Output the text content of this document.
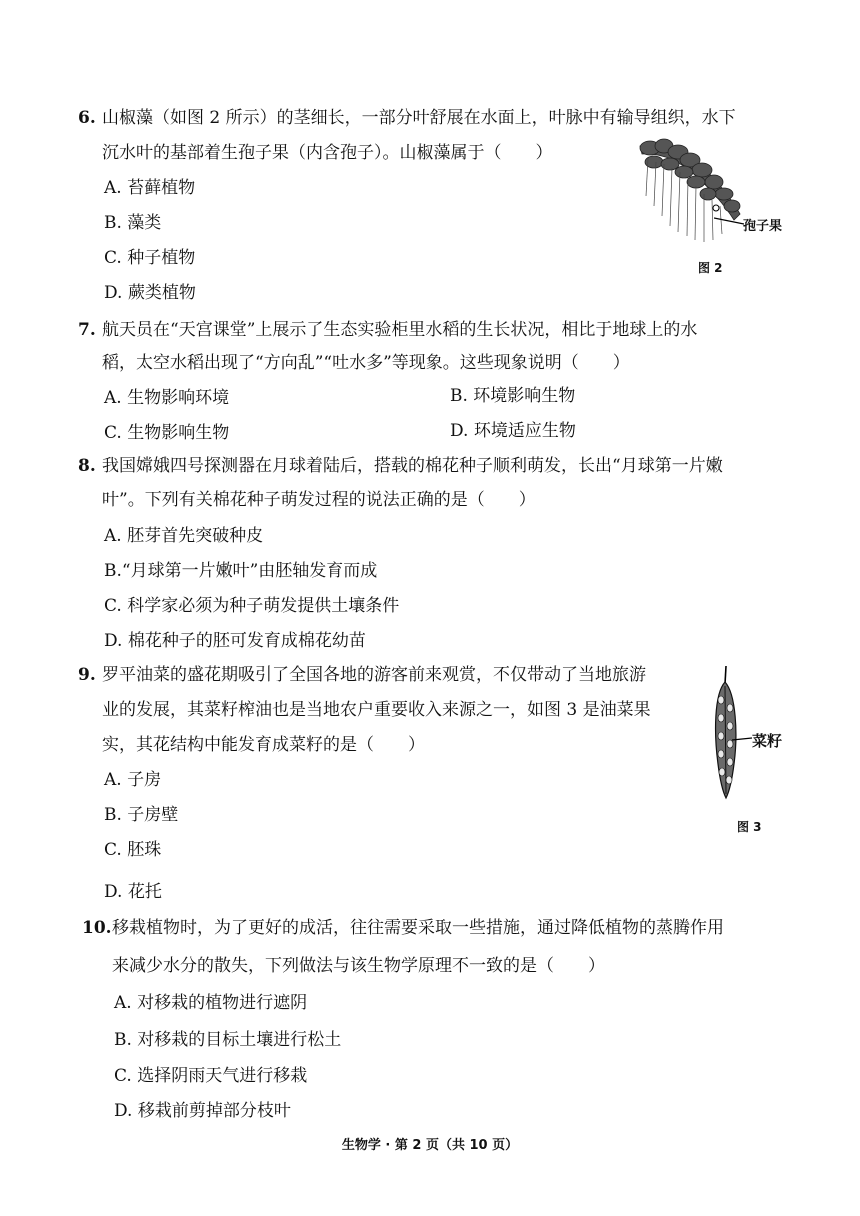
6. 山椒藻（如图 2 所示）的茎细长，一部分叶舒展在水面上，叶脉中有输导组织，水下
沉水叶的基部着生孢子果（内含孢子）。山椒藻属于（　　）
A. 苔藓植物
B. 藻类
C. 种子植物
D. 蕨类植物
孢子果
图 2
7. 航天员在“天宫课堂”上展示了生态实验柜里水稻的生长状况，相比于地球上的水
稻，太空水稻出现了“方向乱”“吐水多”等现象。这些现象说明（　　）
A. 生物影响环境	B. 环境影响生物
C. 生物影响生物	D. 环境适应生物
8. 我国嫦娥四号探测器在月球着陆后，搭载的棉花种子顺利萌发，长出“月球第一片嫩
叶”。下列有关棉花种子萌发过程的说法正确的是（　　）
A. 胚芽首先突破种皮
B.“月球第一片嫩叶”由胚轴发育而成
C. 科学家必须为种子萌发提供土壤条件
D. 棉花种子的胚可发育成棉花幼苗
9. 罗平油菜的盛花期吸引了全国各地的游客前来观赏，不仅带动了当地旅游
业的发展，其菜籽榨油也是当地农户重要收入来源之一，如图 3 是油菜果
实，其花结构中能发育成菜籽的是（　　）
A. 子房
B. 子房壁
C. 胚珠
D. 花托
菜籽
图 3
10. 移栽植物时，为了更好的成活，往往需要采取一些措施，通过降低植物的蒸腾作用
来减少水分的散失，下列做法与该生物学原理不一致的是（　　）
A. 对移栽的植物进行遮阴
B. 对移栽的目标土壤进行松土
C. 选择阴雨天气进行移栽
D. 移栽前剪掉部分枝叶
生物学 · 第 2 页（共 10 页）
